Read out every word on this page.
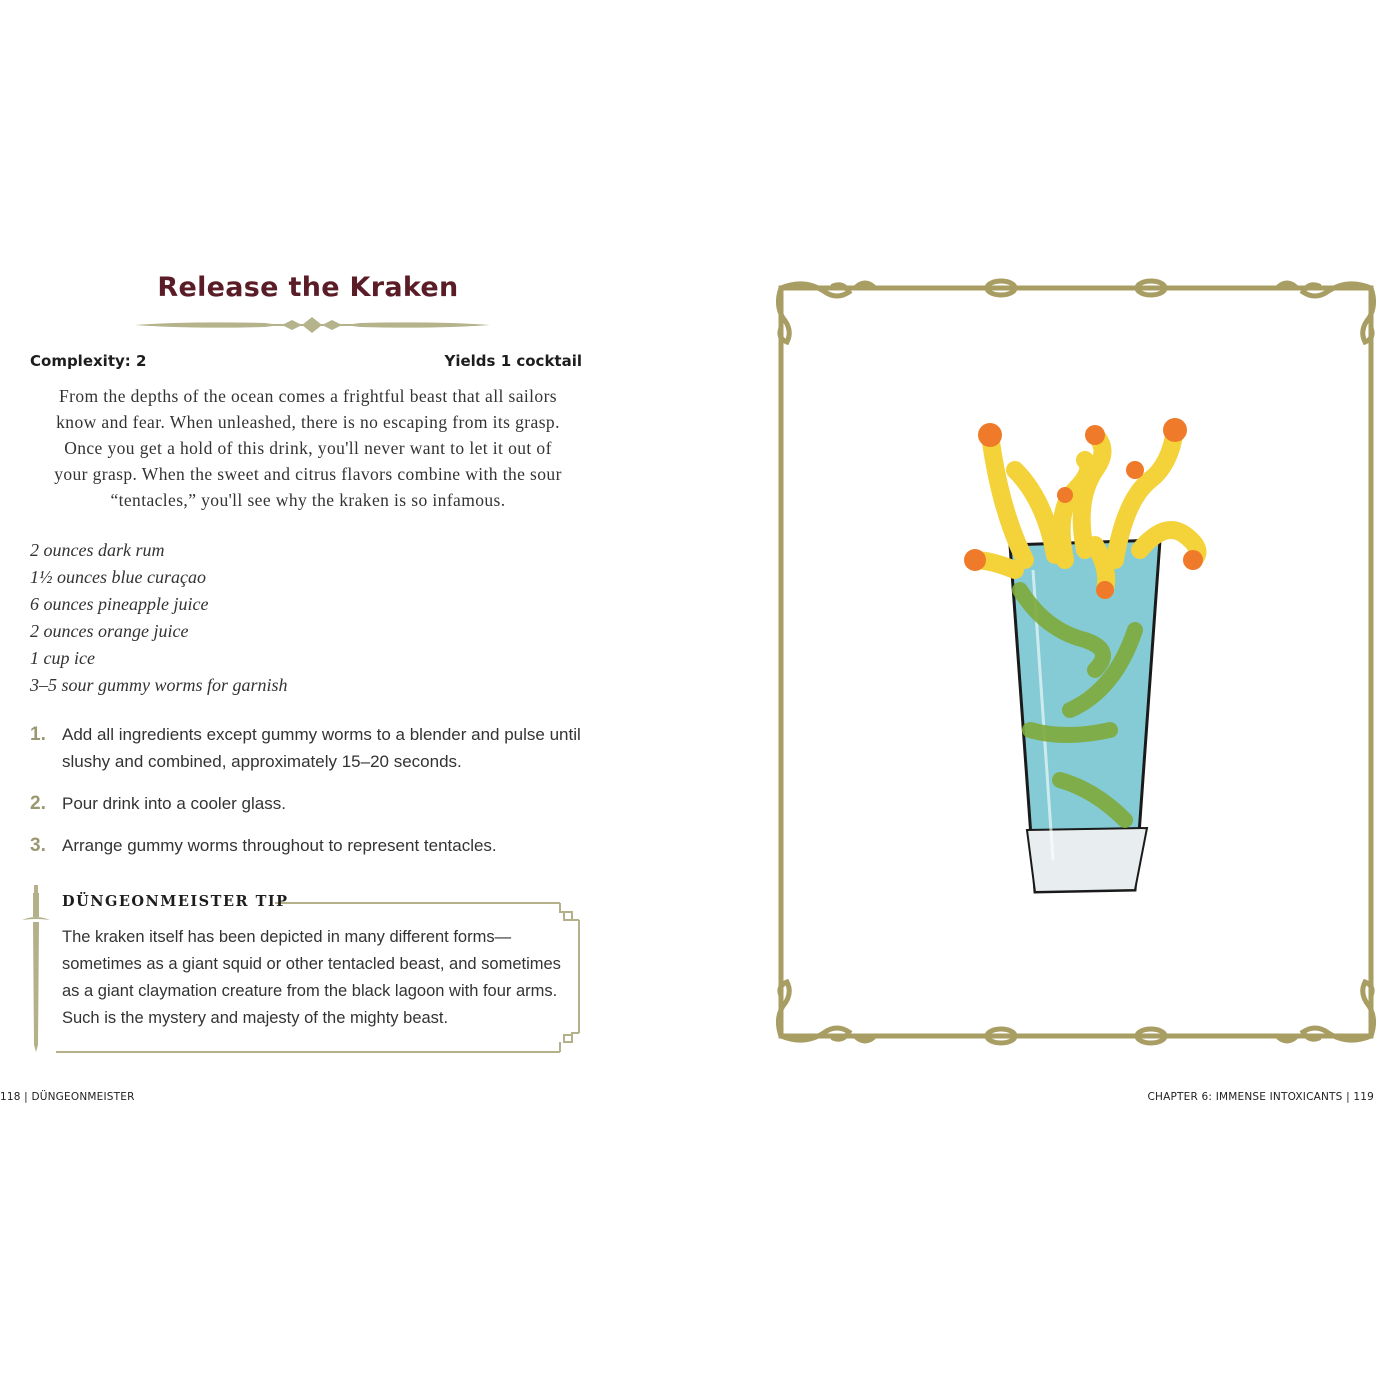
Release the Kraken
Complexity: 2	Yields 1 cocktail
From the depths of the ocean comes a frightful beast that all sailors
know and fear. When unleashed, there is no escaping from its grasp.
Once you get a hold of this drink, you'll never want to let it out of
your grasp. When the sweet and citrus flavors combine with the sour
“tentacles,” you'll see why the kraken is so infamous.
2 ounces dark rum
1½ ounces blue curaçao
6 ounces pineapple juice
2 ounces orange juice
1 cup ice
3–5 sour gummy worms for garnish
1. Add all ingredients except gummy worms to a blender and pulse until
slushy and combined, approximately 15–20 seconds.
2. Pour drink into a cooler glass.
3. Arrange gummy worms throughout to represent tentacles.
DÜNGEONMEISTER TIP
The kraken itself has been depicted in many different forms—
sometimes as a giant squid or other tentacled beast, and sometimes
as a giant claymation creature from the black lagoon with four arms.
Such is the mystery and majesty of the mighty beast.
118 | DÜNGEONMEISTER	CHAPTER 6: IMMENSE INTOXICANTS | 119
